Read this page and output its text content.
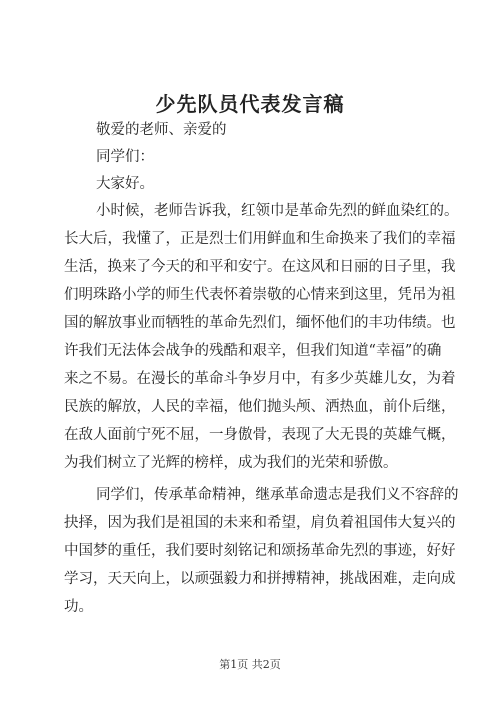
少先队员代表发言稿
敬爱的老师、亲爱的
同学们：
大家好。
小时候，老师告诉我，红领巾是革命先烈的鲜血染红的。
长大后，我懂了，正是烈士们用鲜血和生命换来了我们的幸福
生活，换来了今天的和平和安宁。在这风和日丽的日子里，我
们明珠路小学的师生代表怀着崇敬的心情来到这里，凭吊为祖
国的解放事业而牺牲的革命先烈们，缅怀他们的丰功伟绩。也
许我们无法体会战争的残酷和艰辛，但我们知道“幸福”的确
来之不易。在漫长的革命斗争岁月中，有多少英雄儿女，为着
民族的解放，人民的幸福，他们抛头颅、洒热血，前仆后继，
在敌人面前宁死不屈，一身傲骨，表现了大无畏的英雄气概，
为我们树立了光辉的榜样，成为我们的光荣和骄傲。
同学们，传承革命精神，继承革命遗志是我们义不容辞的
抉择，因为我们是祖国的未来和希望，肩负着祖国伟大复兴的
中国梦的重任，我们要时刻铭记和颂扬革命先烈的事迹，好好
学习，天天向上，以顽强毅力和拼搏精神，挑战困难，走向成
功。
第1页 共2页
